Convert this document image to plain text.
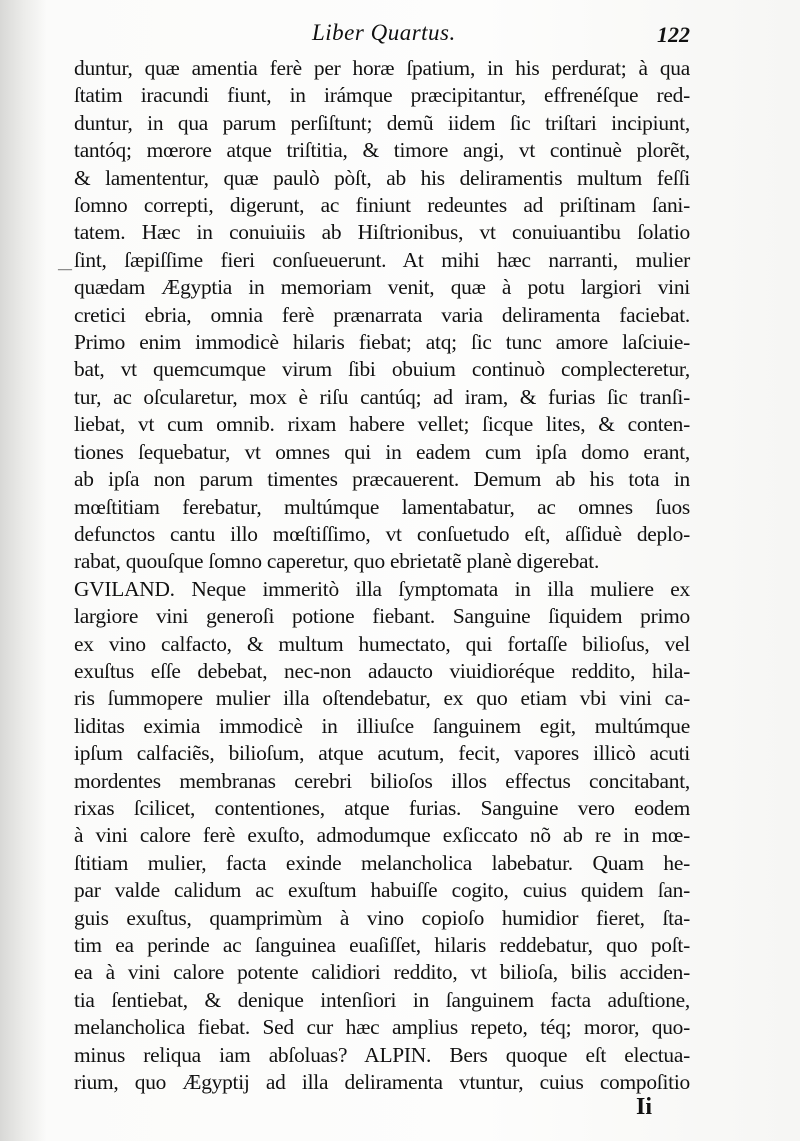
Liber Quartus.	122
duntur, quæ amentia ferè per horæ ſpatium, in his perdurat; à qua
ſtatim iracundi fiunt, in irámque præcipitantur, effrenéſque red-
duntur, in qua parum perſiſtunt; demũ iidem ſic triſtari incipiunt,
tantóq; mœrore atque triſtitia, & timore angi, vt continuè plorẽt,
& lamententur, quæ paulò pòſt, ab his deliramentis multum feſſi
ſomno correpti, digerunt, ac finiunt redeuntes ad priſtinam ſani-
tatem. Hæc in conuiuiis ab Hiſtrionibus, vt conuiuantibu ſolatio
ſint, ſæpiſſime fieri conſueuerunt. At mihi hæc narranti, mulier
quædam Ægyptia in memoriam venit, quæ à potu largiori vini
cretici ebria, omnia ferè prænarrata varia deliramenta faciebat.
Primo enim immodicè hilaris fiebat; atq; ſic tunc amore laſciuie-
bat, vt quemcumque virum ſibi obuium continuò complecteretur,
tur, ac oſcularetur, mox è riſu cantúq; ad iram, & furias ſic tranſi-
liebat, vt cum omnib. rixam habere vellet; ſicque lites, & conten-
tiones ſequebatur, vt omnes qui in eadem cum ipſa domo erant,
ab ipſa non parum timentes præcauerent. Demum ab his tota in
mœſtitiam ferebatur, multúmque lamentabatur, ac omnes ſuos
defunctos cantu illo mœſtiſſimo, vt conſuetudo eſt, aſſiduè deplo-
rabat, quouſque ſomno caperetur, quo ebrietatẽ planè digerebat.
GVILAND. Neque immeritò illa ſymptomata in illa muliere ex
largiore vini generoſi potione fiebant. Sanguine ſiquidem primo
ex vino calfacto, & multum humectato, qui fortaſſe bilioſus, vel
exuſtus eſſe debebat, nec-non adaucto viuidioréque reddito, hila-
ris ſummopere mulier illa oſtendebatur, ex quo etiam vbi vini ca-
liditas eximia immodicè in illiuſce ſanguinem egit, multúmque
ipſum calfaciẽs, bilioſum, atque acutum, fecit, vapores illicò acuti
mordentes membranas cerebri bilioſos illos effectus concitabant,
rixas ſcilicet, contentiones, atque furias. Sanguine vero eodem
à vini calore ferè exuſto, admodumque exſiccato nõ ab re in mœ-
ſtitiam mulier, facta exinde melancholica labebatur. Quam he-
par valde calidum ac exuſtum habuiſſe cogito, cuius quidem ſan-
guis exuſtus, quamprimùm à vino copioſo humidior fieret, ſta-
tim ea perinde ac ſanguinea euaſiſſet, hilaris reddebatur, quo poſt-
ea à vini calore potente calidiori reddito, vt bilioſa, bilis acciden-
tia ſentiebat, & denique intenſiori in ſanguinem facta aduſtione,
melancholica fiebat. Sed cur hæc amplius repeto, téq; moror, quo-
minus reliqua iam abſoluas? ALPIN. Bers quoque eſt electua-
rium, quo Ægyptij ad illa deliramenta vtuntur, cuius compoſitio
—
Ii
